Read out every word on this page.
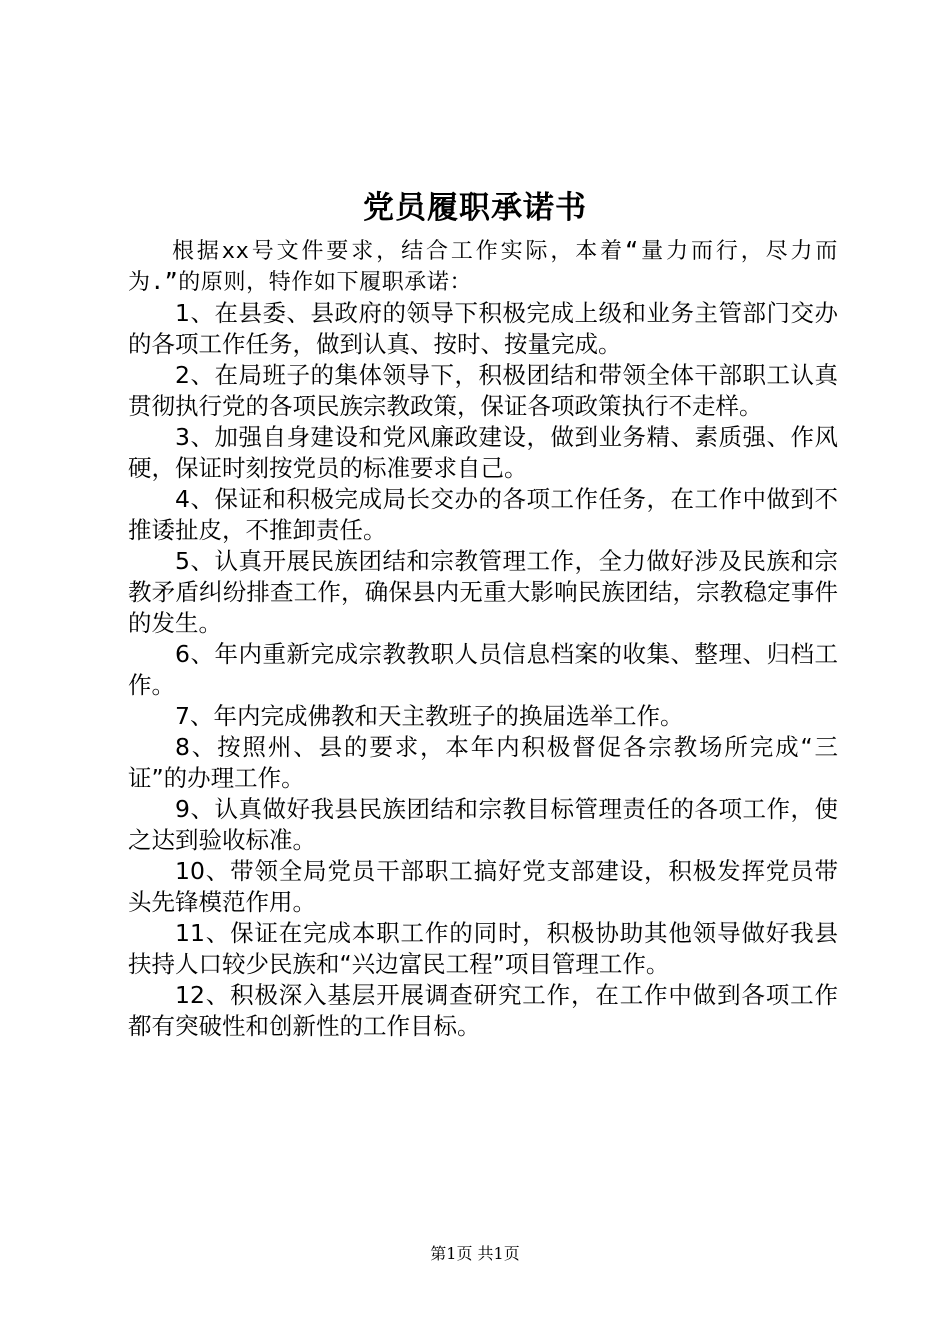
党员履职承诺书

根据xx号文件要求，结合工作实际，本着“量力而行，尽力而为.”的原则，特作如下履职承诺：

1、在县委、县政府的领导下积极完成上级和业务主管部门交办的各项工作任务，做到认真、按时、按量完成。

2、在局班子的集体领导下，积极团结和带领全体干部职工认真贯彻执行党的各项民族宗教政策，保证各项政策执行不走样。

3、加强自身建设和党风廉政建设，做到业务精、素质强、作风硬，保证时刻按党员的标准要求自己。

4、保证和积极完成局长交办的各项工作任务，在工作中做到不推诿扯皮，不推卸责任。

5、认真开展民族团结和宗教管理工作，全力做好涉及民族和宗教矛盾纠纷排查工作，确保县内无重大影响民族团结，宗教稳定事件的发生。

6、年内重新完成宗教教职人员信息档案的收集、整理、归档工作。

7、年内完成佛教和天主教班子的换届选举工作。

8、按照州、县的要求，本年内积极督促各宗教场所完成“三证”的办理工作。

9、认真做好我县民族团结和宗教目标管理责任的各项工作，使之达到验收标准。

10、带领全局党员干部职工搞好党支部建设，积极发挥党员带头先锋模范作用。

11、保证在完成本职工作的同时，积极协助其他领导做好我县扶持人口较少民族和“兴边富民工程”项目管理工作。

12、积极深入基层开展调查研究工作，在工作中做到各项工作都有突破性和创新性的工作目标。

第1页 共1页
